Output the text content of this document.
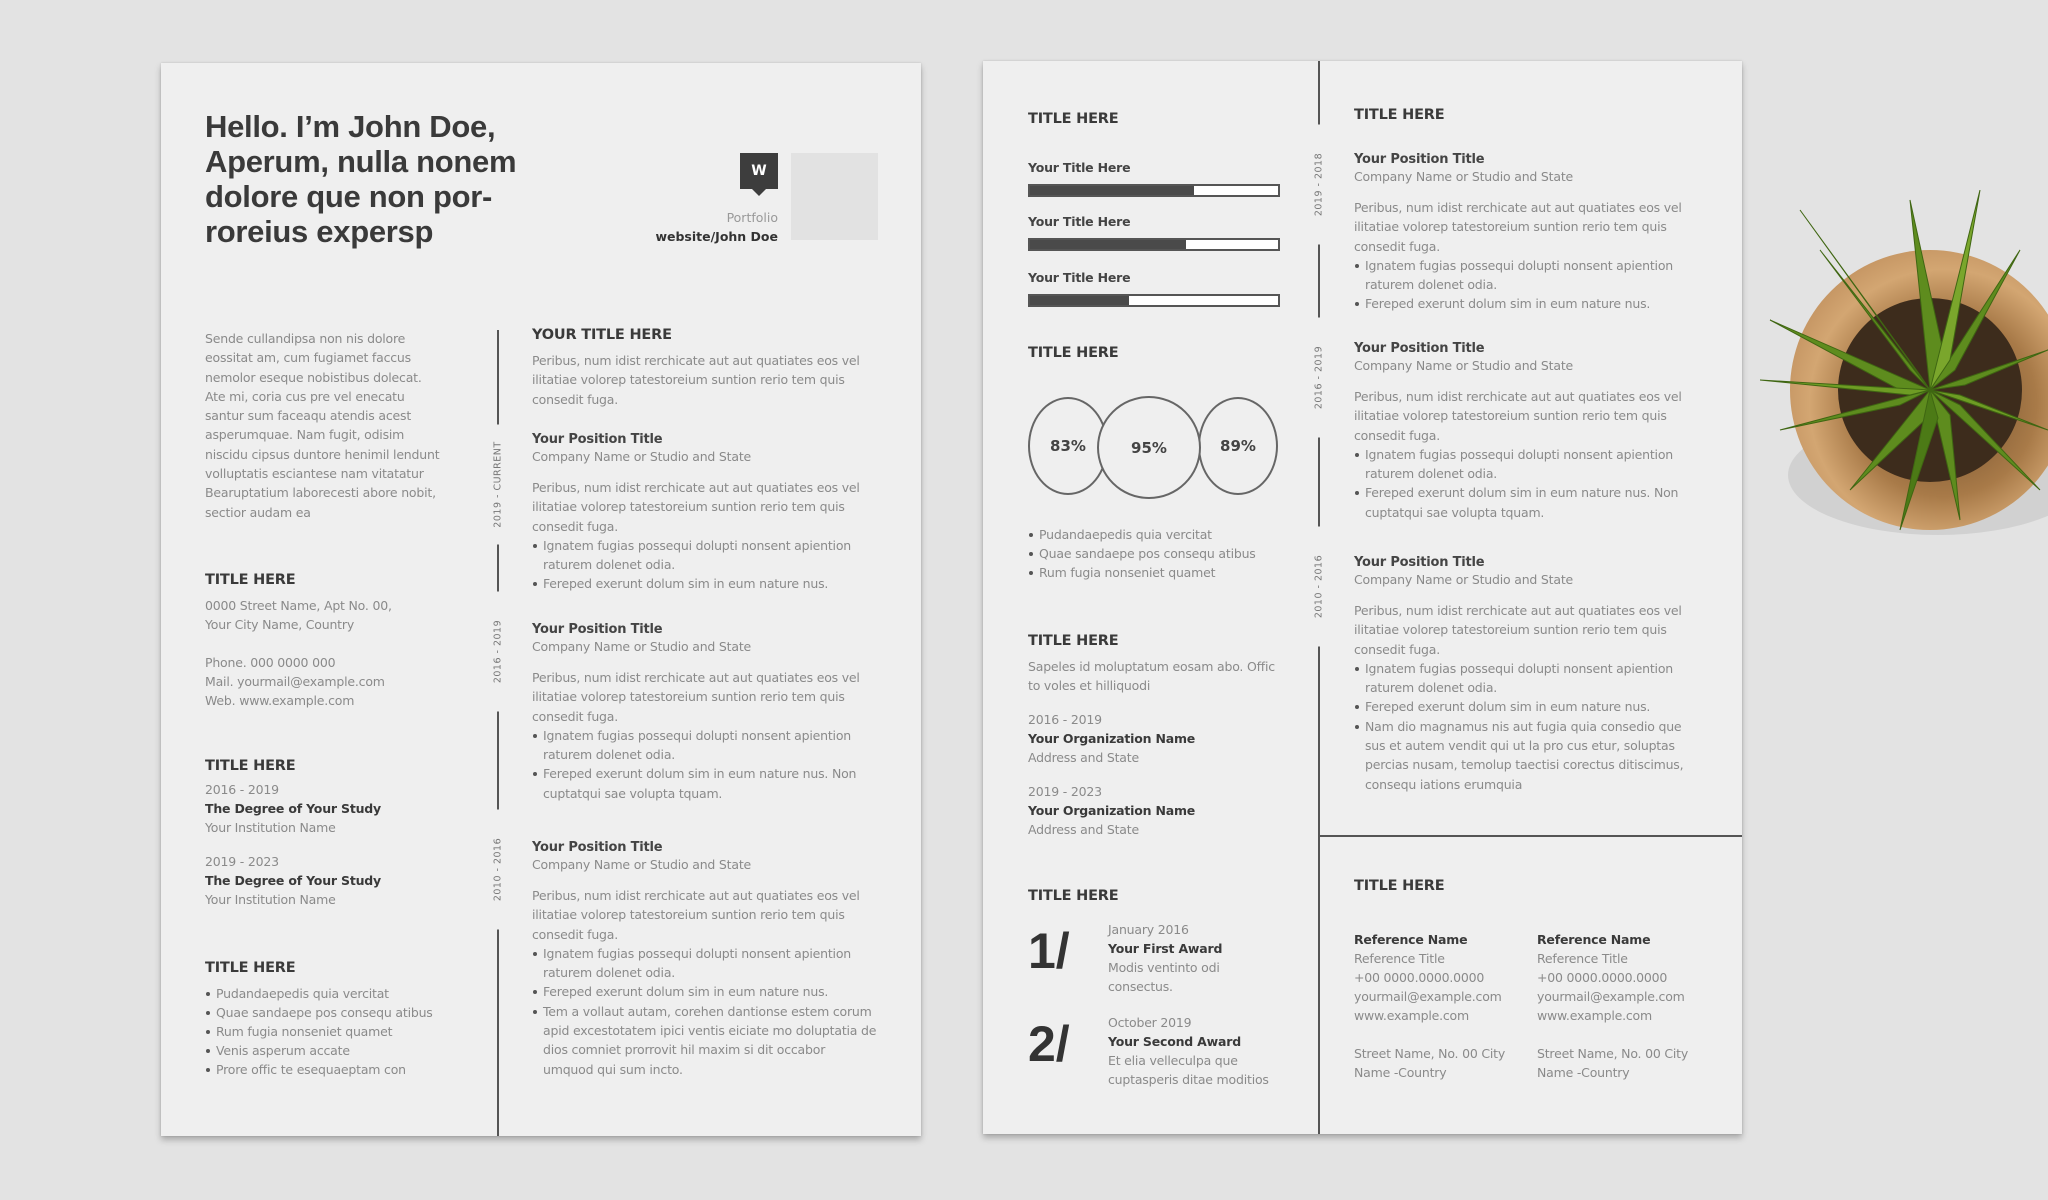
Hello. I’m John Doe,
Aperum, nulla nonem
dolore que non por-
roreius expersp
W
Portfolio
website/John Doe
Sende cullandipsa non nis dolore eossitat am, cum fugiamet faccus nemolor eseque nobistibus dolecat. Ate mi, coria cus pre vel enecatu santur sum faceaqu atendis acest asperumquae. Nam fugit, odisim niscidu cipsus duntore henimil lendunt volluptatis esciantese nam vitatatur Bearuptatium laborecesti abore nobit, sectior audam ea
TITLE HERE
0000 Street Name, Apt No. 00,
Your City Name, Country
Phone. 000 0000 000
Mail. yourmail@example.com
Web. www.example.com
TITLE HERE
2016 - 2019
The Degree of Your Study
Your Institution Name
2019 - 2023
The Degree of Your Study
Your Institution Name
TITLE HERE
Pudandaepedis quia vercitat
Quae sandaepe pos consequ atibus
Rum fugia nonseniet quamet
Venis asperum accate
Prore offic te esequaeptam con
2019 - CURRENT
2016 - 2019
2010 - 2016
YOUR TITLE HERE
Peribus, num idist rerchicate aut aut quatiates eos vel ilitatiae volorep tatestoreium suntion rerio tem quis consedit fuga.
Your Position Title
Company Name or Studio and State
Peribus, num idist rerchicate aut aut quatiates eos vel ilitatiae volorep tatestoreium suntion rerio tem quis consedit fuga.
Ignatem fugias possequi dolupti nonsent apiention raturem dolenet odia.
Fereped exerunt dolum sim in eum nature nus.
Your Position Title
Company Name or Studio and State
Peribus, num idist rerchicate aut aut quatiates eos vel ilitatiae volorep tatestoreium suntion rerio tem quis consedit fuga.
Ignatem fugias possequi dolupti nonsent apiention raturem dolenet odia.
Fereped exerunt dolum sim in eum nature nus. Non cuptatqui sae volupta tquam.
Your Position Title
Company Name or Studio and State
Peribus, num idist rerchicate aut aut quatiates eos vel ilitatiae volorep tatestoreium suntion rerio tem quis consedit fuga.
Ignatem fugias possequi dolupti nonsent apiention raturem dolenet odia.
Fereped exerunt dolum sim in eum nature nus.
Tem a vollaut autam, corehen dantionse estem corum apid excestotatem ipici ventis eiciate mo doluptatia de dios comniet prorrovit hil maxim si dit occabor umquod qui sum incto.
TITLE HERE
Your Title Here
Your Title Here
Your Title Here
TITLE HERE
83%	89%
95%
Pudandaepedis quia vercitat
Quae sandaepe pos consequ atibus
Rum fugia nonseniet quamet
TITLE HERE
Sapeles id moluptatum eosam abo. Offic to voles et hilliquodi
2016 - 2019
Your Organization Name
Address and State
2019 - 2023
Your Organization Name
Address and State
TITLE HERE
1/	January 2016
Your First Award
Modis ventinto odi consectus.
2/	October 2019
Your Second Award
Et elia velleculpa que cuptasperis ditae moditios
2019 - 2018
2016 - 2019
2010 - 2016
TITLE HERE
Your Position Title
Company Name or Studio and State
Peribus, num idist rerchicate aut aut quatiates eos vel ilitatiae volorep tatestoreium suntion rerio tem quis consedit fuga.
Ignatem fugias possequi dolupti nonsent apiention raturem dolenet odia.
Fereped exerunt dolum sim in eum nature nus.
Your Position Title
Company Name or Studio and State
Peribus, num idist rerchicate aut aut quatiates eos vel ilitatiae volorep tatestoreium suntion rerio tem quis consedit fuga.
Ignatem fugias possequi dolupti nonsent apiention raturem dolenet odia.
Fereped exerunt dolum sim in eum nature nus. Non cuptatqui sae volupta tquam.
Your Position Title
Company Name or Studio and State
Peribus, num idist rerchicate aut aut quatiates eos vel ilitatiae volorep tatestoreium suntion rerio tem quis consedit fuga.
Ignatem fugias possequi dolupti nonsent apiention raturem dolenet odia.
Fereped exerunt dolum sim in eum nature nus.
Nam dio magnamus nis aut fugia quia consedio que sus et autem vendit qui ut la pro cus etur, soluptas percias nusam, temolup taectisi corectus ditiscimus, consequ iations erumquia
TITLE HERE
Reference Name
Reference Title
+00 0000.0000.0000
yourmail@example.com
www.example.com
Street Name, No. 00 City Name -Country
Reference Name
Reference Title
+00 0000.0000.0000
yourmail@example.com
www.example.com
Street Name, No. 00 City Name -Country
